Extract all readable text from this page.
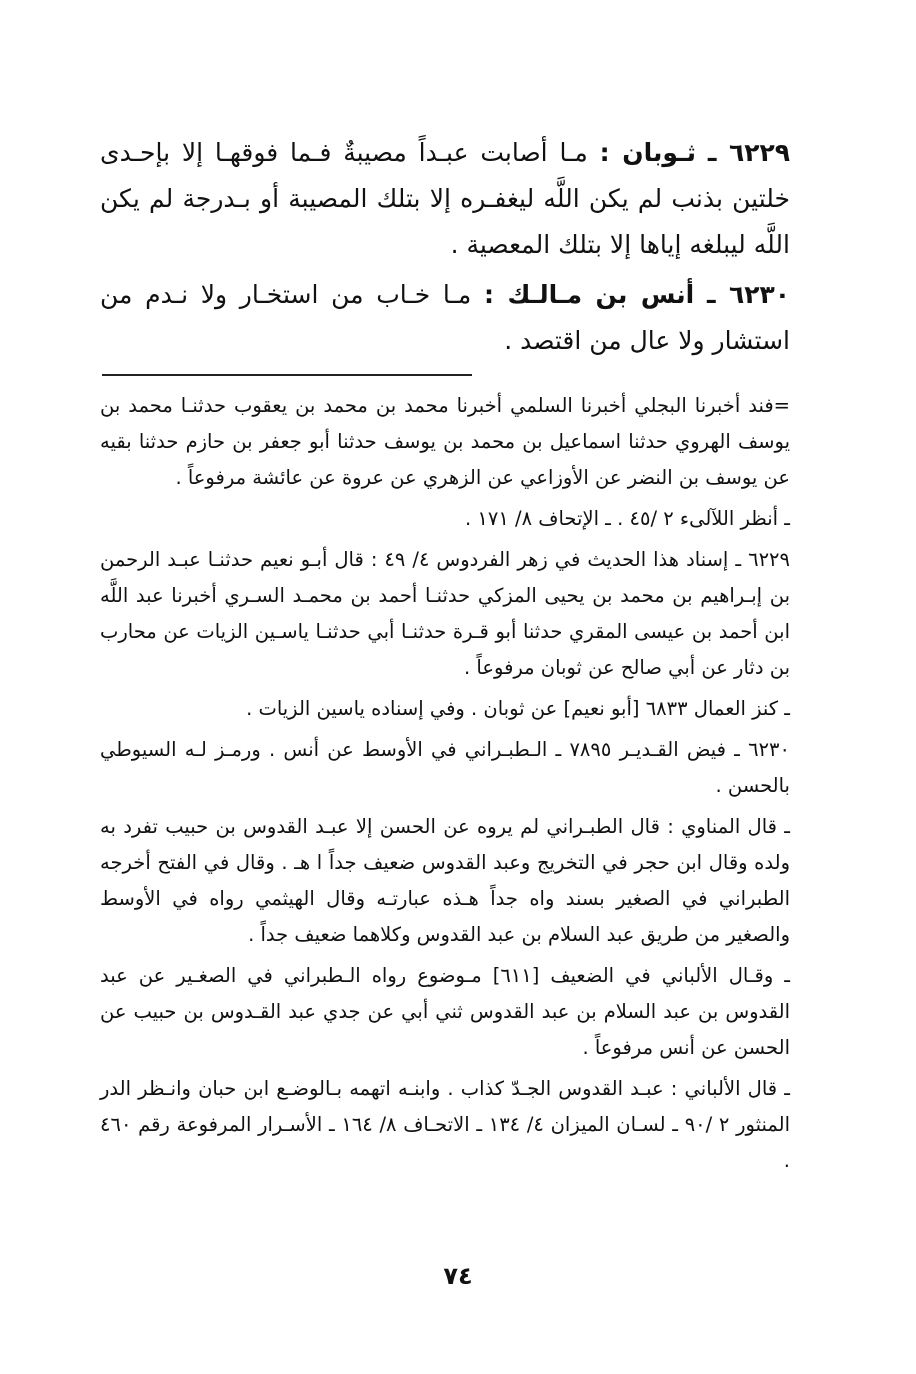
٦٢٢٩ ـ ثـوبان : مـا أصابت عبـداً مصيبةٌ فـما فوقهـا إلا بإحـدى خلتين بذنب لم يكن اللَّه ليغفـره إلا بتلك المصيبة أو بـدرجة لم يكن اللَّه ليبلغه إياها إلا بتلك المعصية .

٦٢٣٠ ـ أنس بن مـالـك : مـا خـاب من استخـار ولا نـدم من استشار ولا عال من اقتصد .

=فند أخبرنا البجلي أخبرنا السلمي أخبرنا محمد بن محمد بن يعقوب حدثنـا محمد بن يوسف الهروي حدثنا اسماعيل بن محمد بن يوسف حدثنا أبو جعفر بن حازم حدثنا بقيه عن يوسف بن النضر عن الأوزاعي عن الزهري عن عروة عن عائشة مرفوعاً .

ـ أنظر اللآلىء ٢ /٤٥ . ـ الإتحاف ٨/ ١٧١ .

٦٢٢٩ ـ إسناد هذا الحديث في زهر الفردوس ٤/ ٤٩ : قال أبـو نعيم حدثنـا عبـد الرحمن بن إبـراهيم بن محمد بن يحيى المزكي حدثنـا أحمد بن محمـد السـري أخبرنا عبد اللَّه ابن أحمد بن عيسى المقري حدثنا أبو قـرة حدثنـا أبي حدثنـا ياسـين الزيات عن محارب بن دثار عن أبي صالح عن ثوبان مرفوعاً .

ـ كنز العمال ٦٨٣٣ [أبو نعيم] عن ثوبان . وفي إسناده ياسين الزيات .

٦٢٣٠ ـ فيض القـديـر ٧٨٩٥ ـ الـطبـراني في الأوسط عن أنس . ورمـز لـه السيوطي بالحسن .

ـ قال المناوي : قال الطبـراني لم يروه عن الحسن إلا عبـد القدوس بن حبيب تفرد به ولده وقال ابن حجر في التخريج وعبد القدوس ضعيف جداً ا هـ . وقال في الفتح أخرجه الطبراني في الصغير بسند واه جداً هـذه عبارتـه وقال الهيثمي رواه في الأوسط والصغير من طريق عبد السلام بن عبد القدوس وكلاهما ضعيف جداً .

ـ وقـال الألباني في الضعيف [٦١١] مـوضوع رواه الـطبراني في الصغـير عن عبد القدوس بن عبد السلام بن عبد القدوس ثني أبي عن جدي عبد القـدوس بن حبيب عن الحسن عن أنس مرفوعاً .

ـ قال الألباني : عبـد القدوس الجـدّ كذاب . وابنـه اتهمه بـالوضـع ابن حبان وانـظر الدر المنثور ٢ /٩٠ ـ لسـان الميزان ٤/ ١٣٤ ـ الاتحـاف ٨/ ١٦٤ ـ الأسـرار المرفوعة رقم ٤٦٠ .

٧٤
